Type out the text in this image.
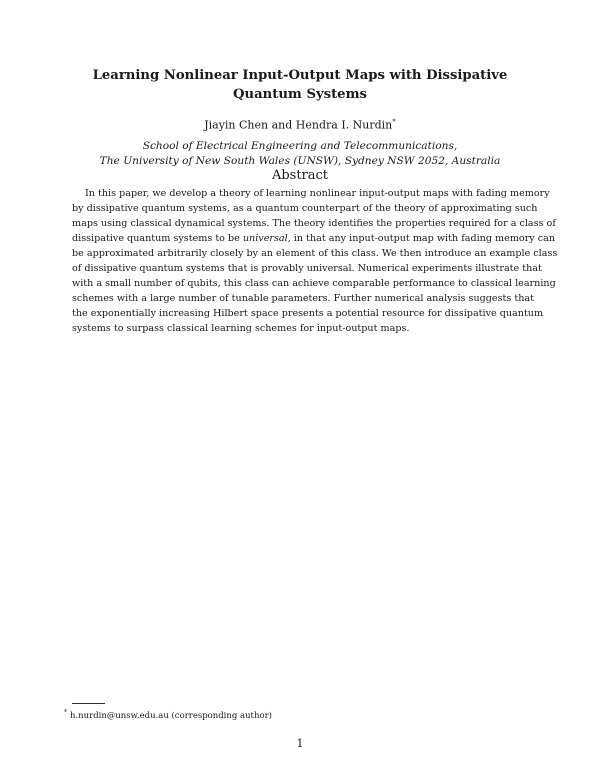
Learning Nonlinear Input-Output Maps with Dissipative
Quantum Systems
Jiayin Chen and Hendra I. Nurdin*
School of Electrical Engineering and Telecommunications,
The University of New South Wales (UNSW), Sydney NSW 2052, Australia
Abstract
In this paper, we develop a theory of learning nonlinear input-output maps with fading memory
by dissipative quantum systems, as a quantum counterpart of the theory of approximating such
maps using classical dynamical systems. The theory identifies the properties required for a class of
dissipative quantum systems to be universal, in that any input-output map with fading memory can
be approximated arbitrarily closely by an element of this class. We then introduce an example class
of dissipative quantum systems that is provably universal. Numerical experiments illustrate that
with a small number of qubits, this class can achieve comparable performance to classical learning
schemes with a large number of tunable parameters. Further numerical analysis suggests that
the exponentially increasing Hilbert space presents a potential resource for dissipative quantum
systems to surpass classical learning schemes for input-output maps.
* h.nurdin@unsw.edu.au (corresponding author)
1
